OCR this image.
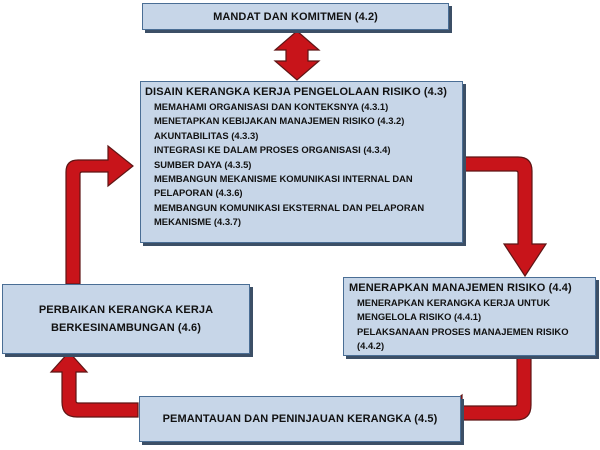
MANDAT DAN KOMITMEN (4.2)
DISAIN KERANGKA KERJA PENGELOLAAN RISIKO (4.3)

MEMAHAMI ORGANISASI DAN KONTEKSNYA (4.3.1)

MENETAPKAN KEBIJAKAN MANAJEMEN RISIKO (4.3.2)

AKUNTABILITAS (4.3.3)

INTEGRASI KE DALAM PROSES ORGANISASI (4.3.4)

SUMBER DAYA (4.3.5)

MEMBANGUN MEKANISME KOMUNIKASI INTERNAL DAN

PELAPORAN (4.3.6)

MEMBANGUN KOMUNIKASI EKSTERNAL DAN PELAPORAN

MEKANISME (4.3.7)

MENERAPKAN MANAJEMEN RISIKO (4.4)

MENERAPKAN KERANGKA KERJA UNTUK

MENGELOLA RISIKO (4.4.1)

PELAKSANAAN PROSES MANAJEMEN RISIKO

(4.4.2)

PERBAIKAN KERANGKA KERJA
BERKESINAMBUNGAN (4.6)
PEMANTAUAN DAN PENINJAUAN KERANGKA (4.5)
